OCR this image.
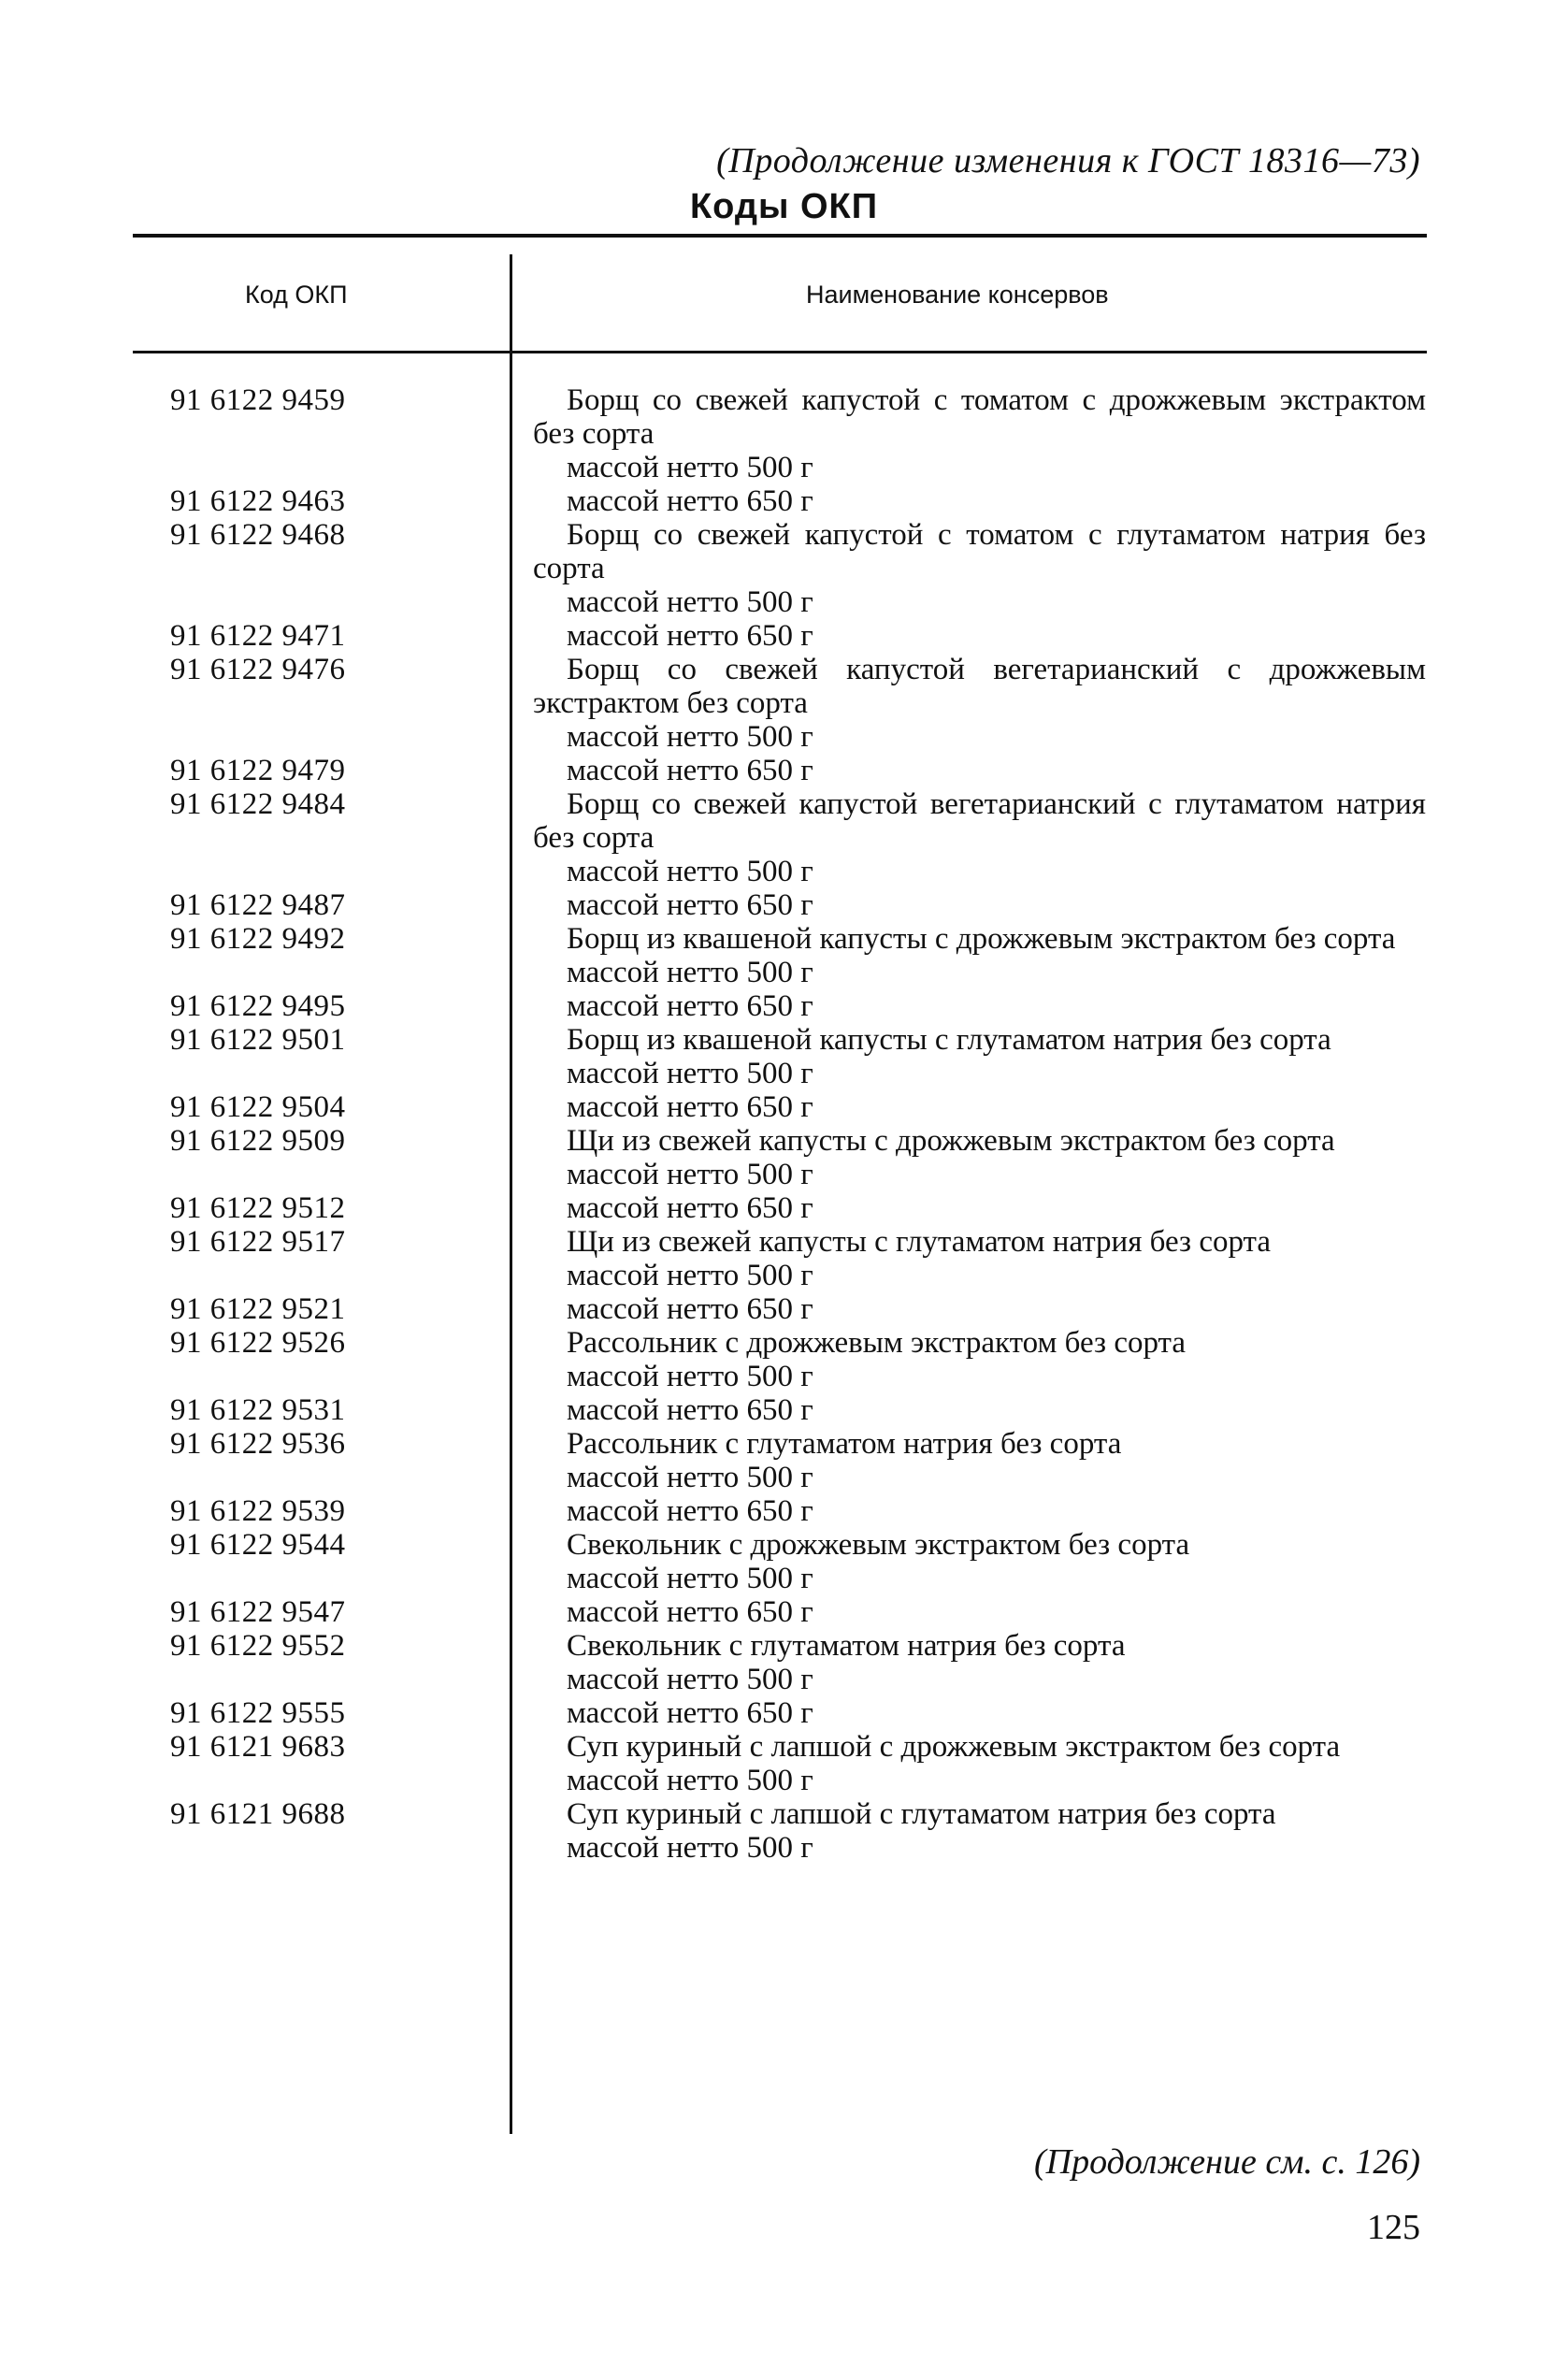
(Продолжение изменения к ГОСТ 18316—73)
Коды ОКП
Код ОКП	Наименование консервов
91 6122 9459	Борщ со свежей капустой с томатом с дрожжевым экстрактом без сорта
массой нетто 500 г
91 6122 9463	массой нетто 650 г
91 6122 9468	Борщ со свежей капустой с томатом с глутаматом натрия без сорта
массой нетто 500 г
91 6122 9471	массой нетто 650 г
91 6122 9476	Борщ со свежей капустой вегетарианский с дрожжевым экстрактом без сорта
массой нетто 500 г
91 6122 9479	массой нетто 650 г
91 6122 9484	Борщ со свежей капустой вегетарианский с глутаматом натрия без сорта
массой нетто 500 г
91 6122 9487	массой нетто 650 г
91 6122 9492	Борщ из квашеной капусты с дрожжевым экстрактом без сорта
массой нетто 500 г
91 6122 9495	массой нетто 650 г
91 6122 9501	Борщ из квашеной капусты с глутаматом натрия без сорта
массой нетто 500 г
91 6122 9504	массой нетто 650 г
91 6122 9509	Щи из свежей капусты с дрожжевым экстрактом без сорта
массой нетто 500 г
91 6122 9512	массой нетто 650 г
91 6122 9517	Щи из свежей капусты с глутаматом натрия без сорта
массой нетто 500 г
91 6122 9521	массой нетто 650 г
91 6122 9526	Рассольник с дрожжевым экстрактом без сорта
массой нетто 500 г
91 6122 9531	массой нетто 650 г
91 6122 9536	Рассольник с глутаматом натрия без сорта
массой нетто 500 г
91 6122 9539	массой нетто 650 г
91 6122 9544	Свекольник с дрожжевым экстрактом без сорта
массой нетто 500 г
91 6122 9547	массой нетто 650 г
91 6122 9552	Свекольник с глутаматом натрия без сорта
массой нетто 500 г
91 6122 9555	массой нетто 650 г
91 6121 9683	Суп куриный с лапшой с дрожжевым экстрактом без сорта
массой нетто 500 г
91 6121 9688	Суп куриный с лапшой с глутаматом натрия без сорта
массой нетто 500 г
(Продолжение см. с. 126)
125
